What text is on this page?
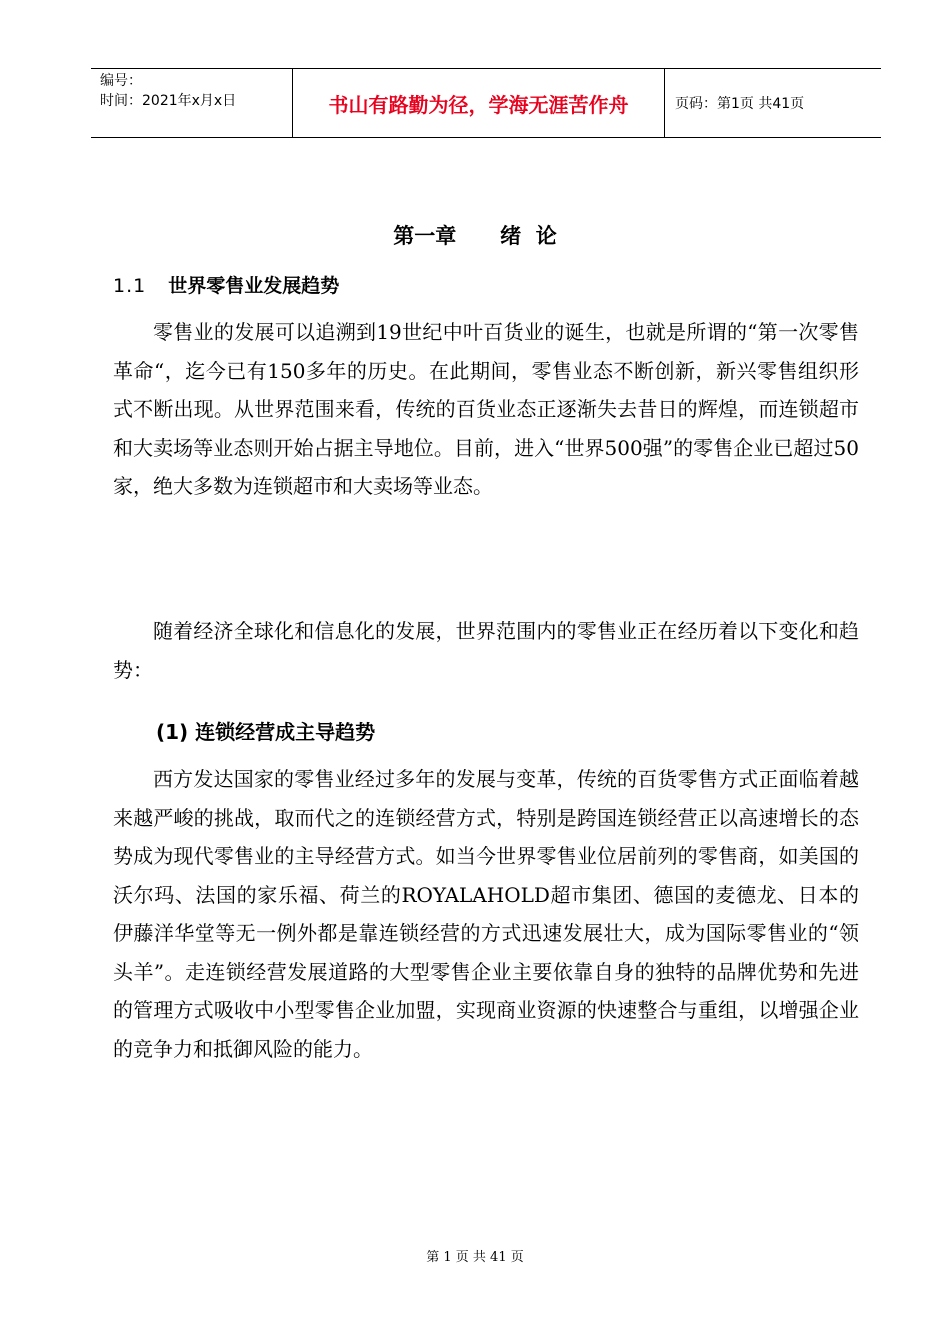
编号：
时间：2021年x月x日	书山有路勤为径，学海无涯苦作舟	页码：第1页 共41页
第一章      绪  论
1.1 世界零售业发展趋势

零售业的发展可以追溯到19世纪中叶百货业的诞生，也就是所谓的“第一次零售革命“，迄今已有150多年的历史。在此期间，零售业态不断创新，新兴零售组织形式不断出现。从世界范围来看，传统的百货业态正逐渐失去昔日的辉煌，而连锁超市和大卖场等业态则开始占据主导地位。目前，进入“世界500强”的零售企业已超过50家，绝大多数为连锁超市和大卖场等业态。

随着经济全球化和信息化的发展，世界范围内的零售业正在经历着以下变化和趋势：

(1) 连锁经营成主导趋势

西方发达国家的零售业经过多年的发展与变革，传统的百货零售方式正面临着越来越严峻的挑战，取而代之的连锁经营方式，特别是跨国连锁经营正以高速增长的态势成为现代零售业的主导经营方式。如当今世界零售业位居前列的零售商，如美国的沃尔玛、法国的家乐福、荷兰的ROYALAHOLD超市集团、德国的麦德龙、日本的伊藤洋华堂等无一例外都是靠连锁经营的方式迅速发展壮大，成为国际零售业的“领头羊”。走连锁经营发展道路的大型零售企业主要依靠自身的独特的品牌优势和先进的管理方式吸收中小型零售企业加盟，实现商业资源的快速整合与重组，以增强企业的竞争力和抵御风险的能力。

第 1 页 共 41 页
